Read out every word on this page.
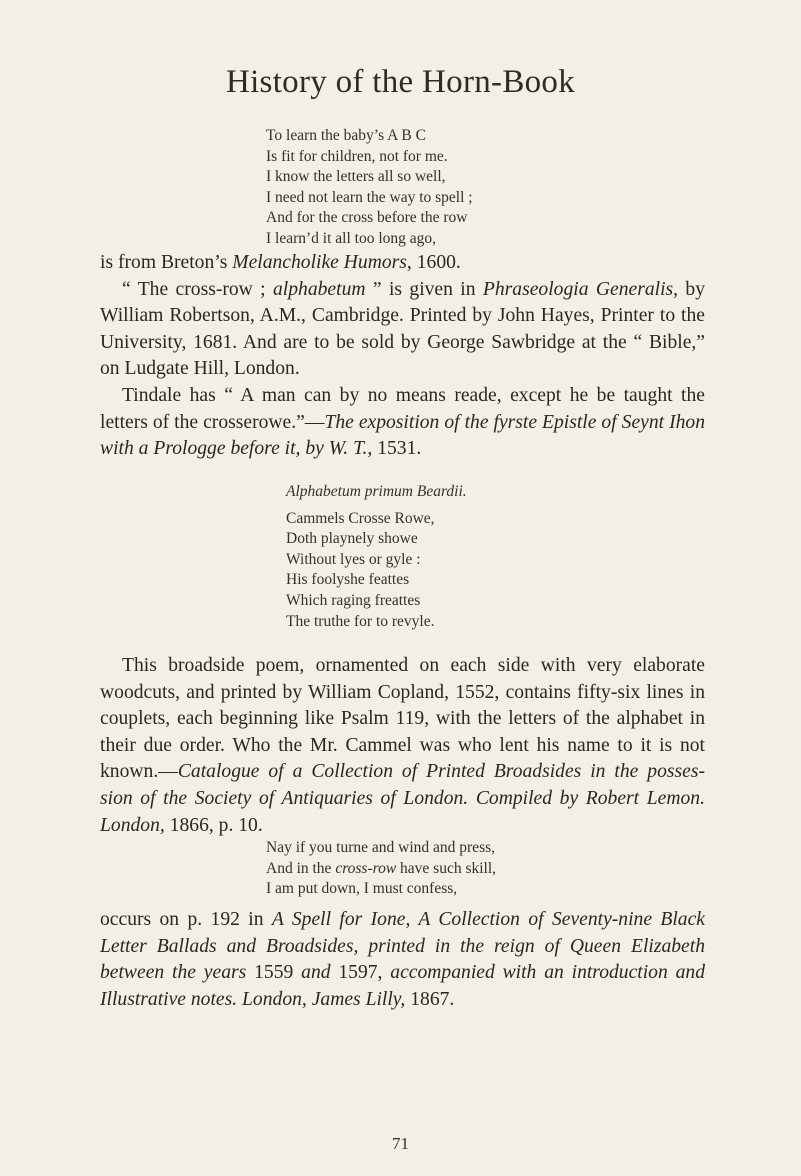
History of the Horn-Book
To learn the baby’s A B C
Is fit for children, not for me.
I know the letters all so well,
I need not learn the way to spell ;
And for the cross before the row
I learn’d it all too long ago,

is from Breton’s Melancholike Humors, 1600.

“ The cross-row ; alphabetum ” is given in Phraseologia Generalis, by William Robertson, A.M., Cambridge. Printed by John Hayes, Printer to the University, 1681. And are to be sold by George Sawbridge at the “ Bible,” on Ludgate Hill, London.

Tindale has “ A man can by no means reade, except he be taught the letters of the crosserowe.”—The exposition of the fyrste Epistle of Seynt Ihon with a Prologge before it, by W. T., 1531.

Alphabetum primum Beardii.
Cammels Crosse Rowe,
Doth playnely showe
Without lyes or gyle :
His foolyshe feattes
Which raging freattes
The truthe for to revyle.

This broadside poem, ornamented on each side with very elaborate woodcuts, and printed by William Copland, 1552, contains fifty-six lines in couplets, each beginning like Psalm 119, with the letters of the alphabet in their due order. Who the Mr. Cammel was who lent his name to it is not known.—Catalogue of a Collection of Printed Broadsides in the posses- sion of the Society of Antiquaries of London. Compiled by Robert Lemon. London, 1866, p. 10.

Nay if you turne and wind and press,
And in the cross-row have such skill,
I am put down, I must confess,

occurs on p. 192 in A Spell for Ione, A Collection of Seventy-nine Black Letter Ballads and Broadsides, printed in the reign of Queen Elizabeth between the years 1559 and 1597, accompanied with an introduction and Illustrative notes. London, James Lilly, 1867.

71
